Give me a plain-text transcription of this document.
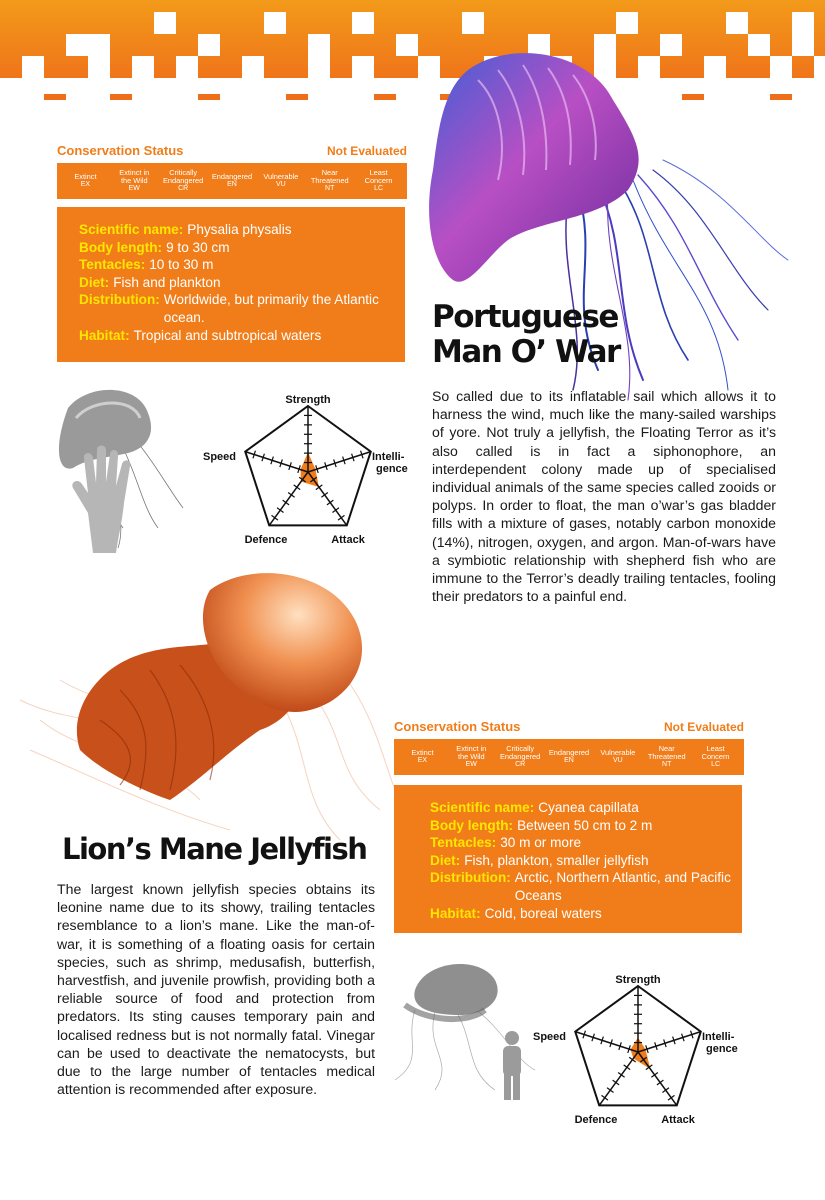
Conservation Status	Not Evaluated
Extinct
EX
Extinct in
the Wild
EW
Critically
Endangered
CR
Endangered
EN
Vulnerable
VU
Near
Threatened
NT
Least
Concern
LC
Scientific name: Physalia physalis
Body length: 9 to 30 cm
Tentacles: 10 to 30 m
Diet: Fish and plankton
Distribution: Worldwide, but primarily the Atlantic ocean.
Habitat: Tropical and subtropical waters
Portuguese
Man O’ War
So called due to its inflatable sail which allows it to harness the wind, much like the many-sailed warships of yore. Not truly a jellyfish, the Floating Terror as it’s also called is in fact a siphonophore, an interdependent colony made up of specialised individual animals of the same species called zooids or polyps. In order to float, the man o’war’s gas bladder fills with a mixture of gases, notably carbon monoxide (14%), nitrogen, oxygen, and argon. Man-of-wars have a symbiotic relationship with shepherd fish who are immune to the Terror’s deadly trailing tentacles, fooling their predators to a painful end.
Strength
Intelli-
gence
Attack
Defence
Speed
Conservation Status	Not Evaluated
Extinct
EX
Extinct in
the Wild
EW
Critically
Endangered
CR
Endangered
EN
Vulnerable
VU
Near
Threatened
NT
Least
Concern
LC
Scientific name: Cyanea capillata
Body length: Between 50 cm to 2 m
Tentacles: 30 m or more
Diet: Fish, plankton, smaller jellyfish
Distribution: Arctic, Northern Atlantic, and Pacific Oceans
Habitat: Cold, boreal waters
Lion’s Mane Jellyfish
The largest known jellyfish species obtains its leonine name due to its showy, trailing tentacles resemblance to a lion’s mane. Like the man-of-war, it is something of a floating oasis for certain species, such as shrimp, medusafish, butterfish, harvestfish, and juvenile prowfish, providing both a reliable source of food and protection from predators. Its sting causes temporary pain and localised redness but is not normally fatal. Vinegar can be used to deactivate the nematocysts, but due to the large number of tentacles medical attention is recommended after exposure.
Strength
Intelli-
gence
Attack
Defence
Speed
